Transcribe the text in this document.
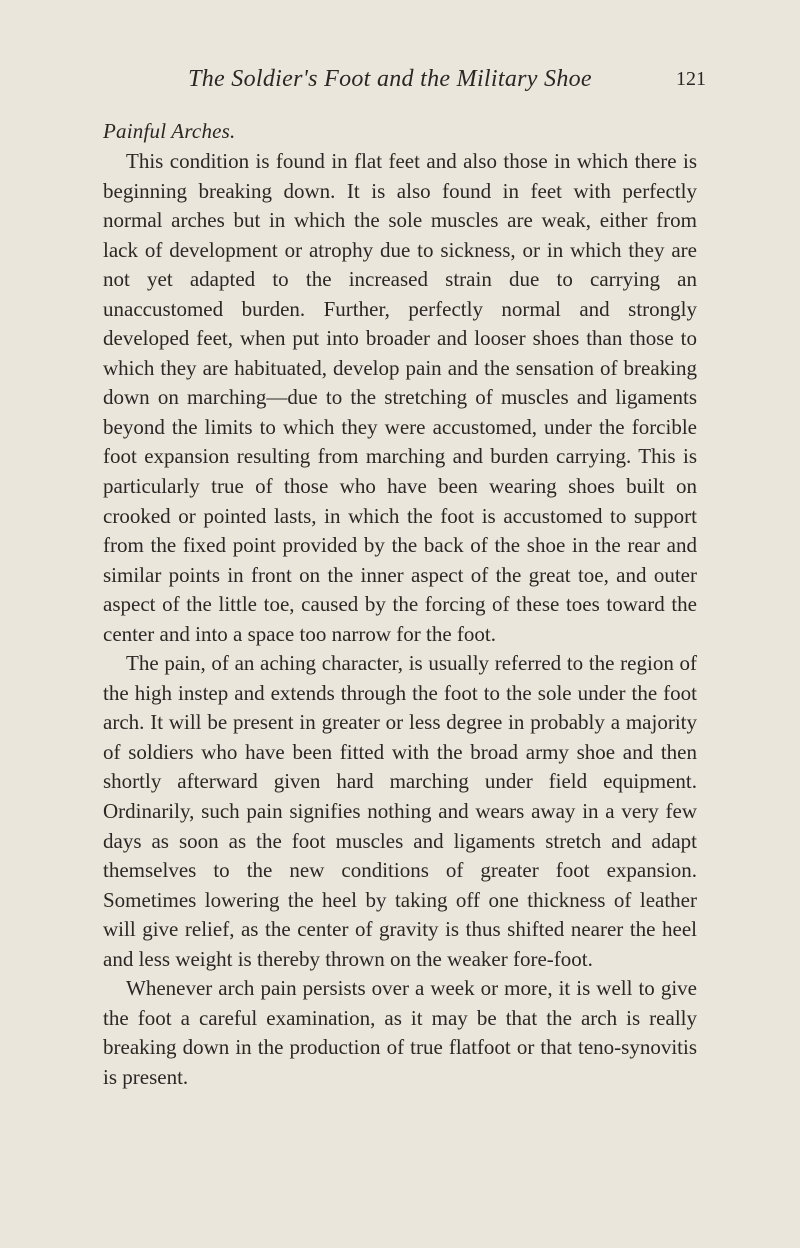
The Soldier's Foot and the Military Shoe	121
Painful Arches.

This condition is found in flat feet and also those in which there is beginning breaking down. It is also found in feet with perfectly normal arches but in which the sole muscles are weak, either from lack of development or atrophy due to sickness, or in which they are not yet adapted to the increased strain due to carrying an unaccustomed burden. Further, perfectly normal and strongly developed feet, when put into broader and looser shoes than those to which they are habituated, develop pain and the sensation of breaking down on marching—due to the stretching of muscles and ligaments beyond the limits to which they were accustomed, under the forcible foot expansion resulting from marching and burden carrying. This is particularly true of those who have been wearing shoes built on crooked or pointed lasts, in which the foot is accustomed to support from the fixed point provided by the back of the shoe in the rear and similar points in front on the inner aspect of the great toe, and outer aspect of the little toe, caused by the forcing of these toes toward the center and into a space too narrow for the foot.

The pain, of an aching character, is usually referred to the region of the high instep and extends through the foot to the sole under the foot arch. It will be present in greater or less degree in probably a majority of soldiers who have been fitted with the broad army shoe and then shortly afterward given hard marching under field equipment. Ordinarily, such pain signifies nothing and wears away in a very few days as soon as the foot muscles and ligaments stretch and adapt themselves to the new conditions of greater foot expansion. Sometimes lowering the heel by taking off one thickness of leather will give relief, as the center of gravity is thus shifted nearer the heel and less weight is thereby thrown on the weaker fore-foot.

Whenever arch pain persists over a week or more, it is well to give the foot a careful examination, as it may be that the arch is really breaking down in the production of true flatfoot or that teno-synovitis is present.
